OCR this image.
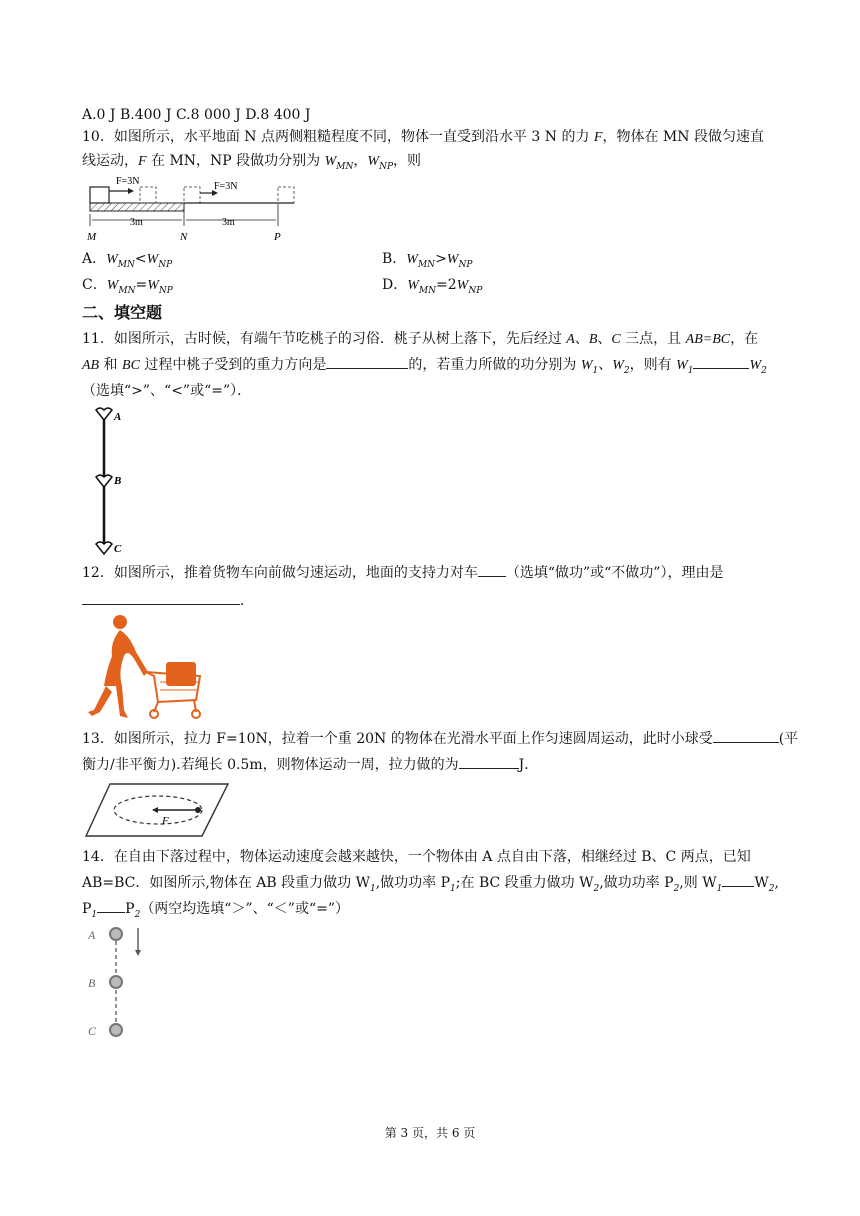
A.0 J B.400 J C.8 000 J D.8 400 J
10．如图所示，水平地面 N 点两侧粗糙程度不同，物体一直受到沿水平 3 N 的力 F，物体在 MN 段做匀速直
线运动，F 在 MN，NP 段做功分别为 $W_{MN}$，$W_{NP}$，则
F=3N	F=3N
3m	3m
M	N	P
A．$W_{MN}<W_{NP}$	B．$W_{MN}>W_{NP}$
C．$W_{MN}=W_{NP}$	D．$W_{MN}=2W_{NP}$
二、填空题
11．如图所示，古时候，有端午节吃桃子的习俗．桃子从树上落下，先后经过 A、B、C 三点，且 AB=BC，在
AB 和 BC 过程中桃子受到的重力方向是	的，若重力所做的功分别为 $W_1$、$W_2$，则有 $W_1$	$W_2$
（选填“>”、“<”或“=”）．
A
B
C
12．如图所示，推着货物车向前做匀速运动，地面的支持力对车 （选填“做功”或“不做功”），理由是
．
13．如图所示，拉力 F=10N，拉着一个重 20N 的物体在光滑水平面上作匀速圆周运动，此时小球受	(平
衡力/非平衡力).若绳长 0.5m，则物体运动一周，拉力做的为	J．
F
14．在自由下落过程中，物体运动速度会越来越快，一个物体由 A 点自由下落，相继经过 B、C 两点，已知
AB=BC．如图所示,物体在 AB 段重力做功 $W_1$,做功功率 $P_1$;在 BC 段重力做功 $W_2$,做功功率 $P_2$,则 $W_1$ $W_2$,
$P_1$ $P_2$（两空均选填“＞”、“＜”或“=”）
A
B
C
第 3 页，共 6 页
